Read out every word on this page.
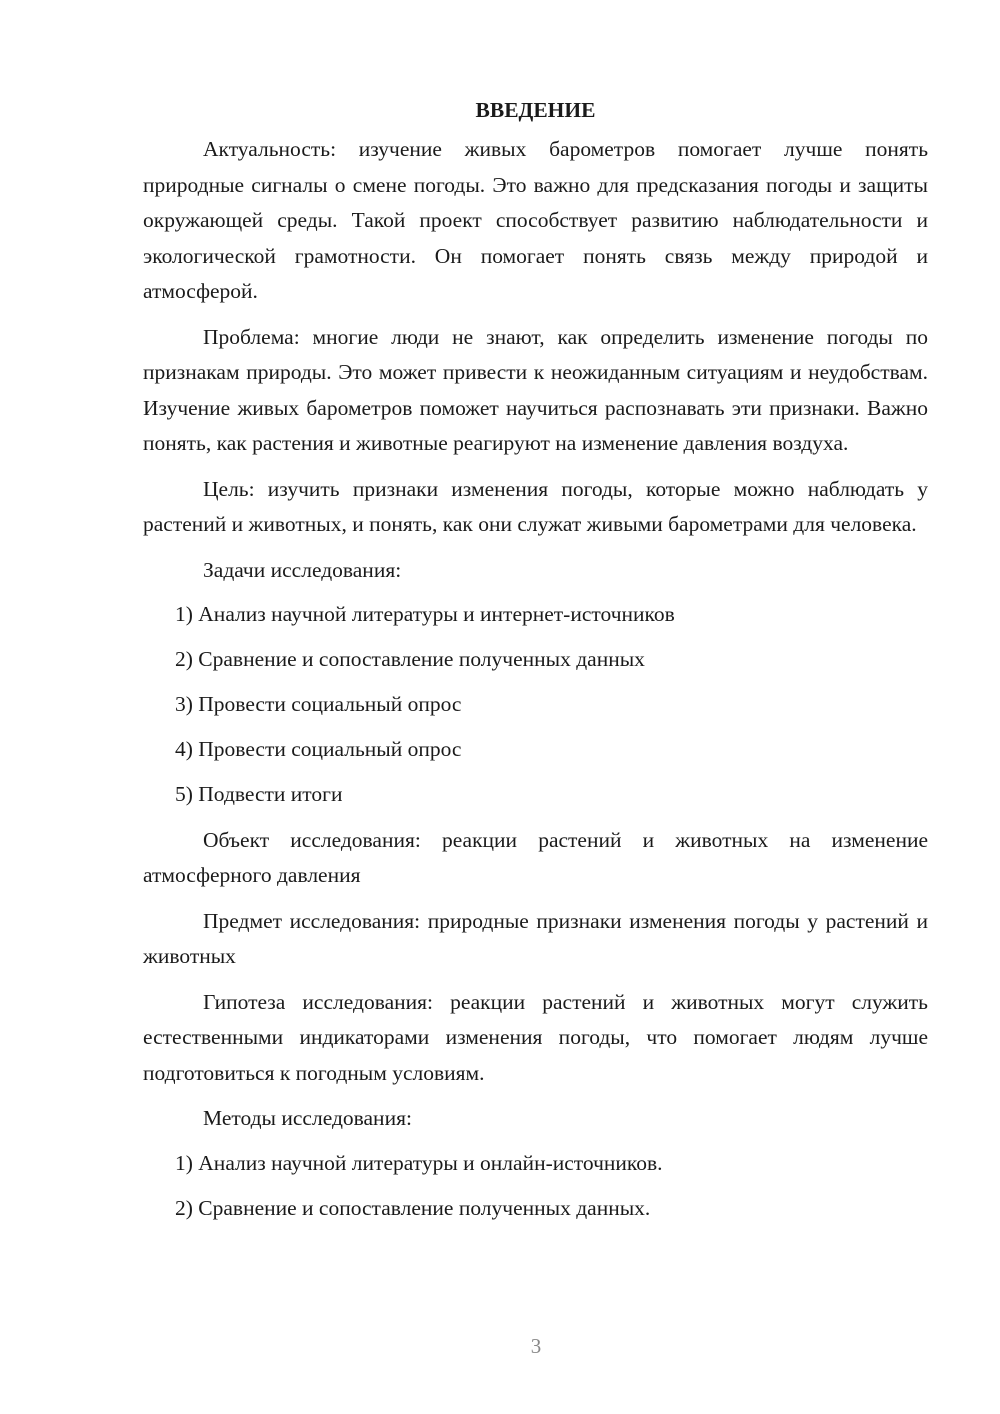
ВВЕДЕНИЕ

Актуальность: изучение живых барометров помогает лучше понять природные сигналы о смене погоды. Это важно для предсказания погоды и защиты окружающей среды. Такой проект способствует развитию наблюдательности и экологической грамотности. Он помогает понять связь между природой и атмосферой.

Проблема: многие люди не знают, как определить изменение погоды по признакам природы. Это может привести к неожиданным ситуациям и неудобствам. Изучение живых барометров поможет научиться распознавать эти признаки. Важно понять, как растения и животные реагируют на изменение давления воздуха.

Цель: изучить признаки изменения погоды, которые можно наблюдать у растений и животных, и понять, как они служат живыми барометрами для человека.

Задачи исследования:

1) Анализ научной литературы и интернет-источников
2) Сравнение и сопоставление полученных данных
3) Провести социальный опрос
4) Провести социальный опрос
5) Подвести итоги

Объект исследования: реакции растений и животных на изменение атмосферного давления

Предмет исследования: природные признаки изменения погоды у растений и животных

Гипотеза исследования: реакции растений и животных могут служить естественными индикаторами изменения погоды, что помогает людям лучше подготовиться к погодным условиям.

Методы исследования:

1) Анализ научной литературы и онлайн-источников.
2) Сравнение и сопоставление полученных данных.
3
